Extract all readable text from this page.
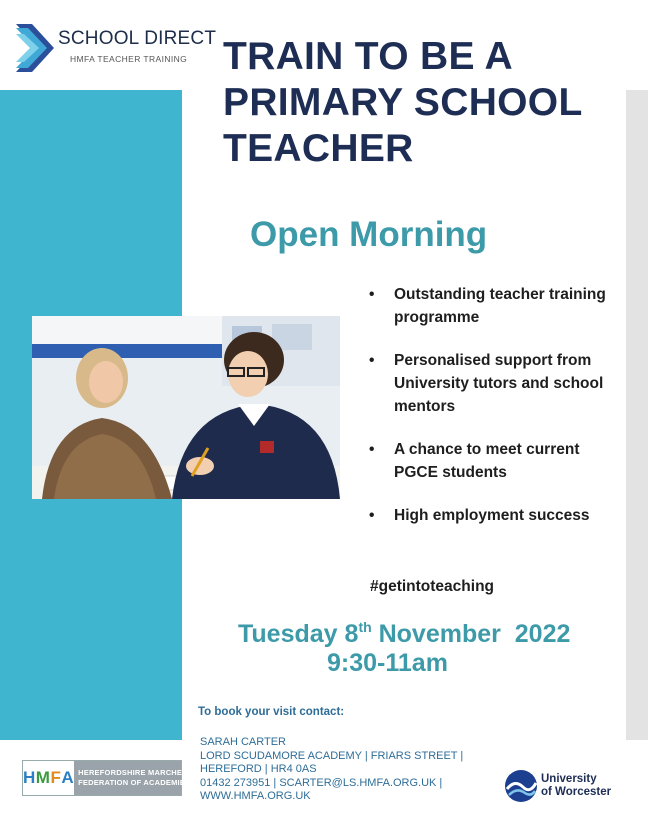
SCHOOL DIRECT
HMFA TEACHER TRAINING TRAIN TO BE A
PRIMARY SCHOOL
TEACHER
Open Morning
• Outstanding teacher training programme
• Personalised support from University tutors and school mentors
• A chance to meet current PGCE students
• High employment success
#getintoteaching
Tuesday 8th November  2022
9:30-11am
To book your visit contact:
SARAH CARTER
LORD SCUDAMORE ACADEMY | FRIARS STREET |
HEREFORD | HR4 0AS
01432 273951 | SCARTER@LS.HMFA.ORG.UK |
WWW.HMFA.ORG.UK
H M F A HEREFORDSHIRE MARCHES
FEDERATION OF ACADEMIES	University
of Worcester
